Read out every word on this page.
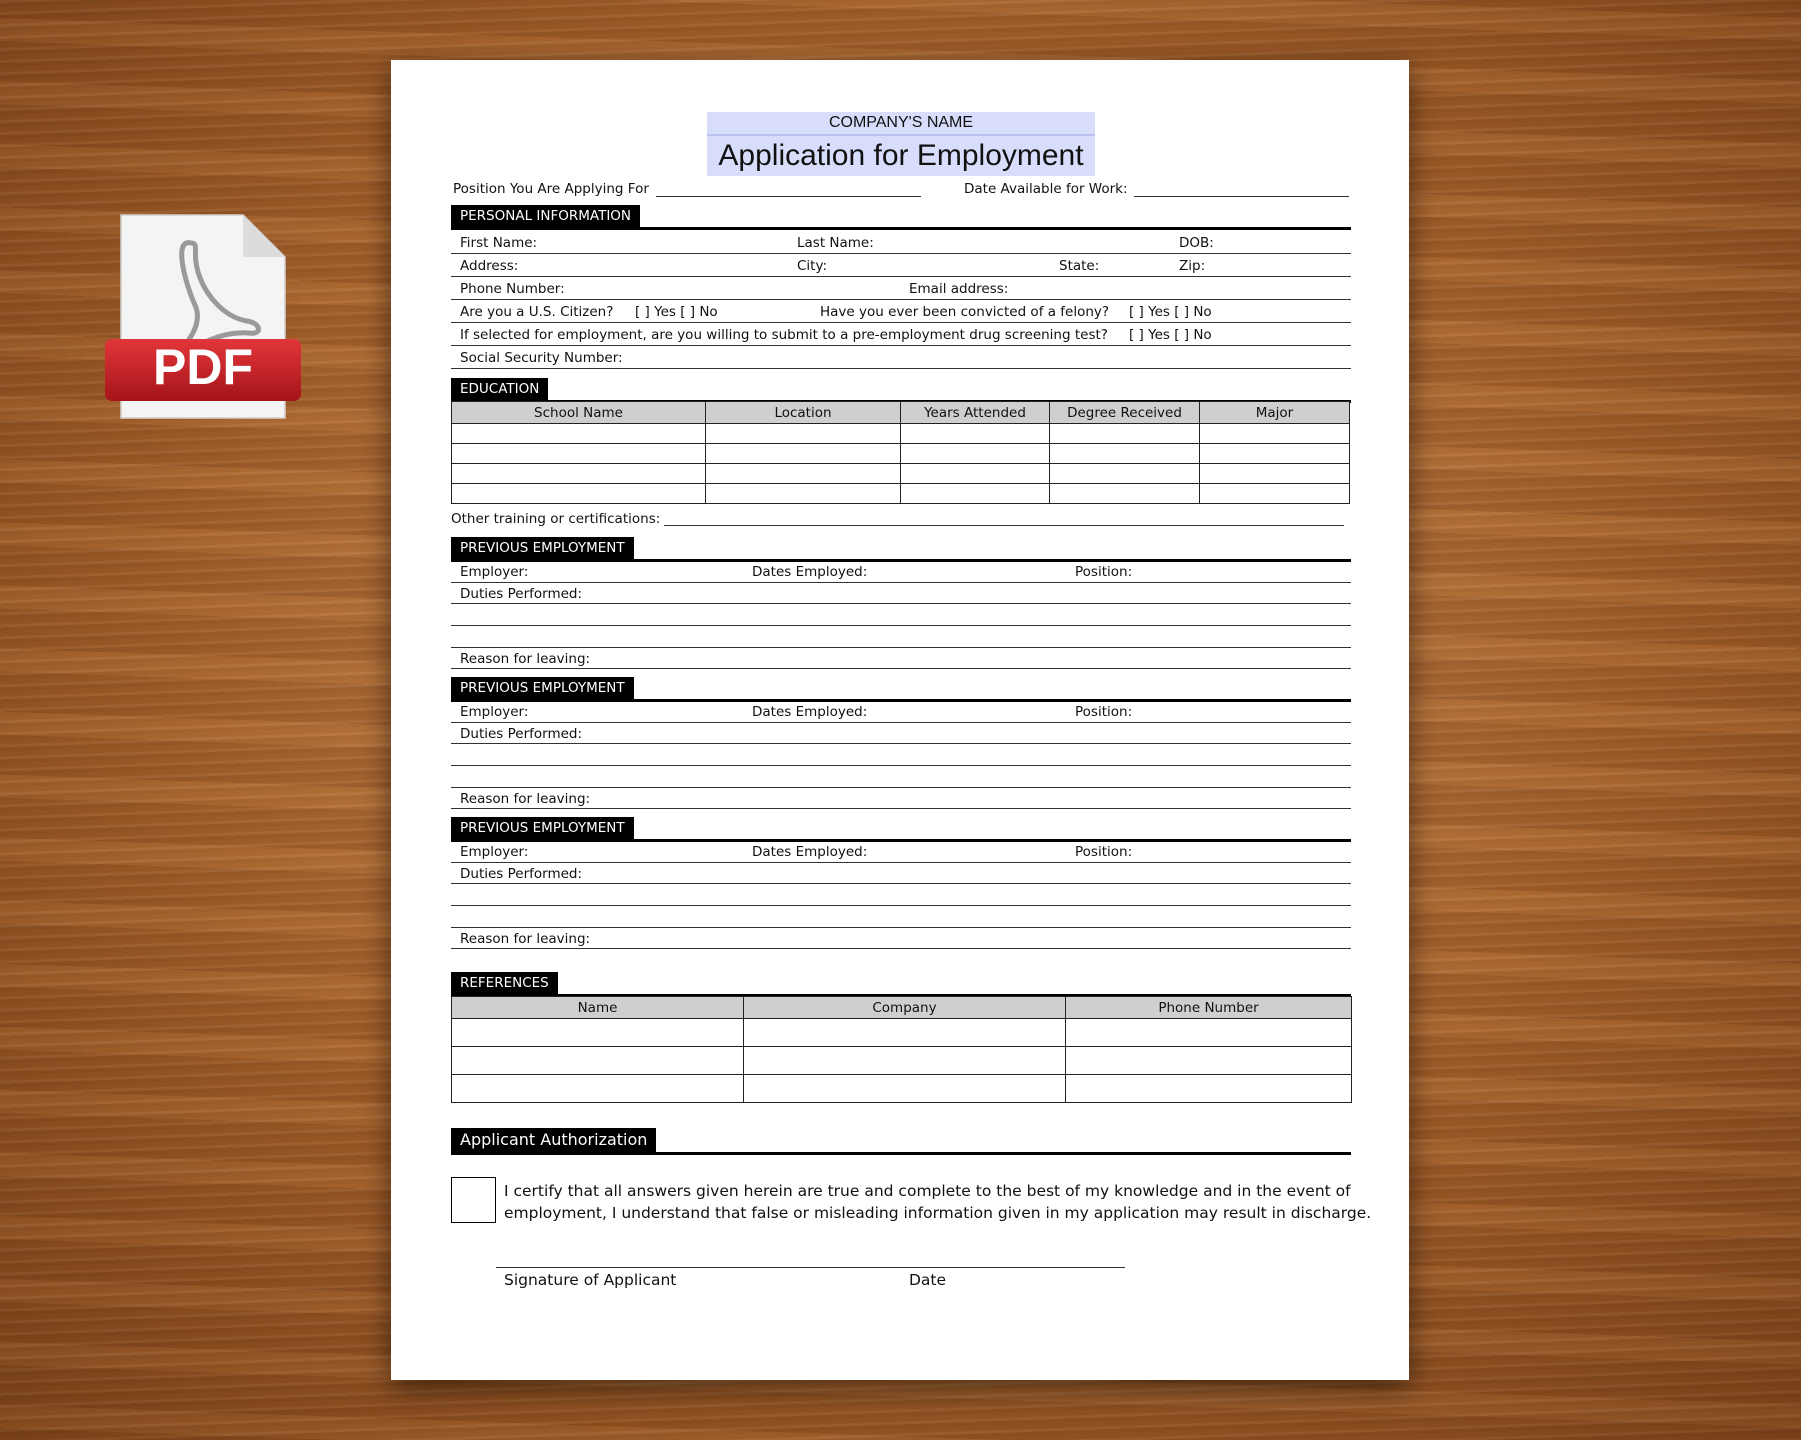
PDF
COMPANY'S NAME
Application for Employment
Position You Are Applying For	Date Available for Work:
PERSONAL INFORMATION
First Name:	Last Name:	DOB:
Address:	City:	State:	Zip:
Phone Number:	Email address:
Are you a U.S. Citizen? [ ] Yes [ ] No	Have you ever been convicted of a felony? [ ] Yes [ ] No
If selected for employment, are you willing to submit to a pre-employment drug screening test? [ ] Yes [ ] No
Social Security Number:
EDUCATION
School Name	Location	Years Attended	Degree Received	Major

Other training or certifications:
PREVIOUS EMPLOYMENT
Employer:	Dates Employed:	Position:
Duties Performed:
Reason for leaving:
PREVIOUS EMPLOYMENT
Employer:	Dates Employed:	Position:
Duties Performed:
Reason for leaving:
PREVIOUS EMPLOYMENT
Employer:	Dates Employed:	Position:
Duties Performed:
Reason for leaving:
REFERENCES
Name	Company	Phone Number

Applicant Authorization
I certify that all answers given herein are true and complete to the best of my knowledge and in the event of
employment, I understand that false or misleading information given in my application may result in discharge.
Signature of Applicant	Date
